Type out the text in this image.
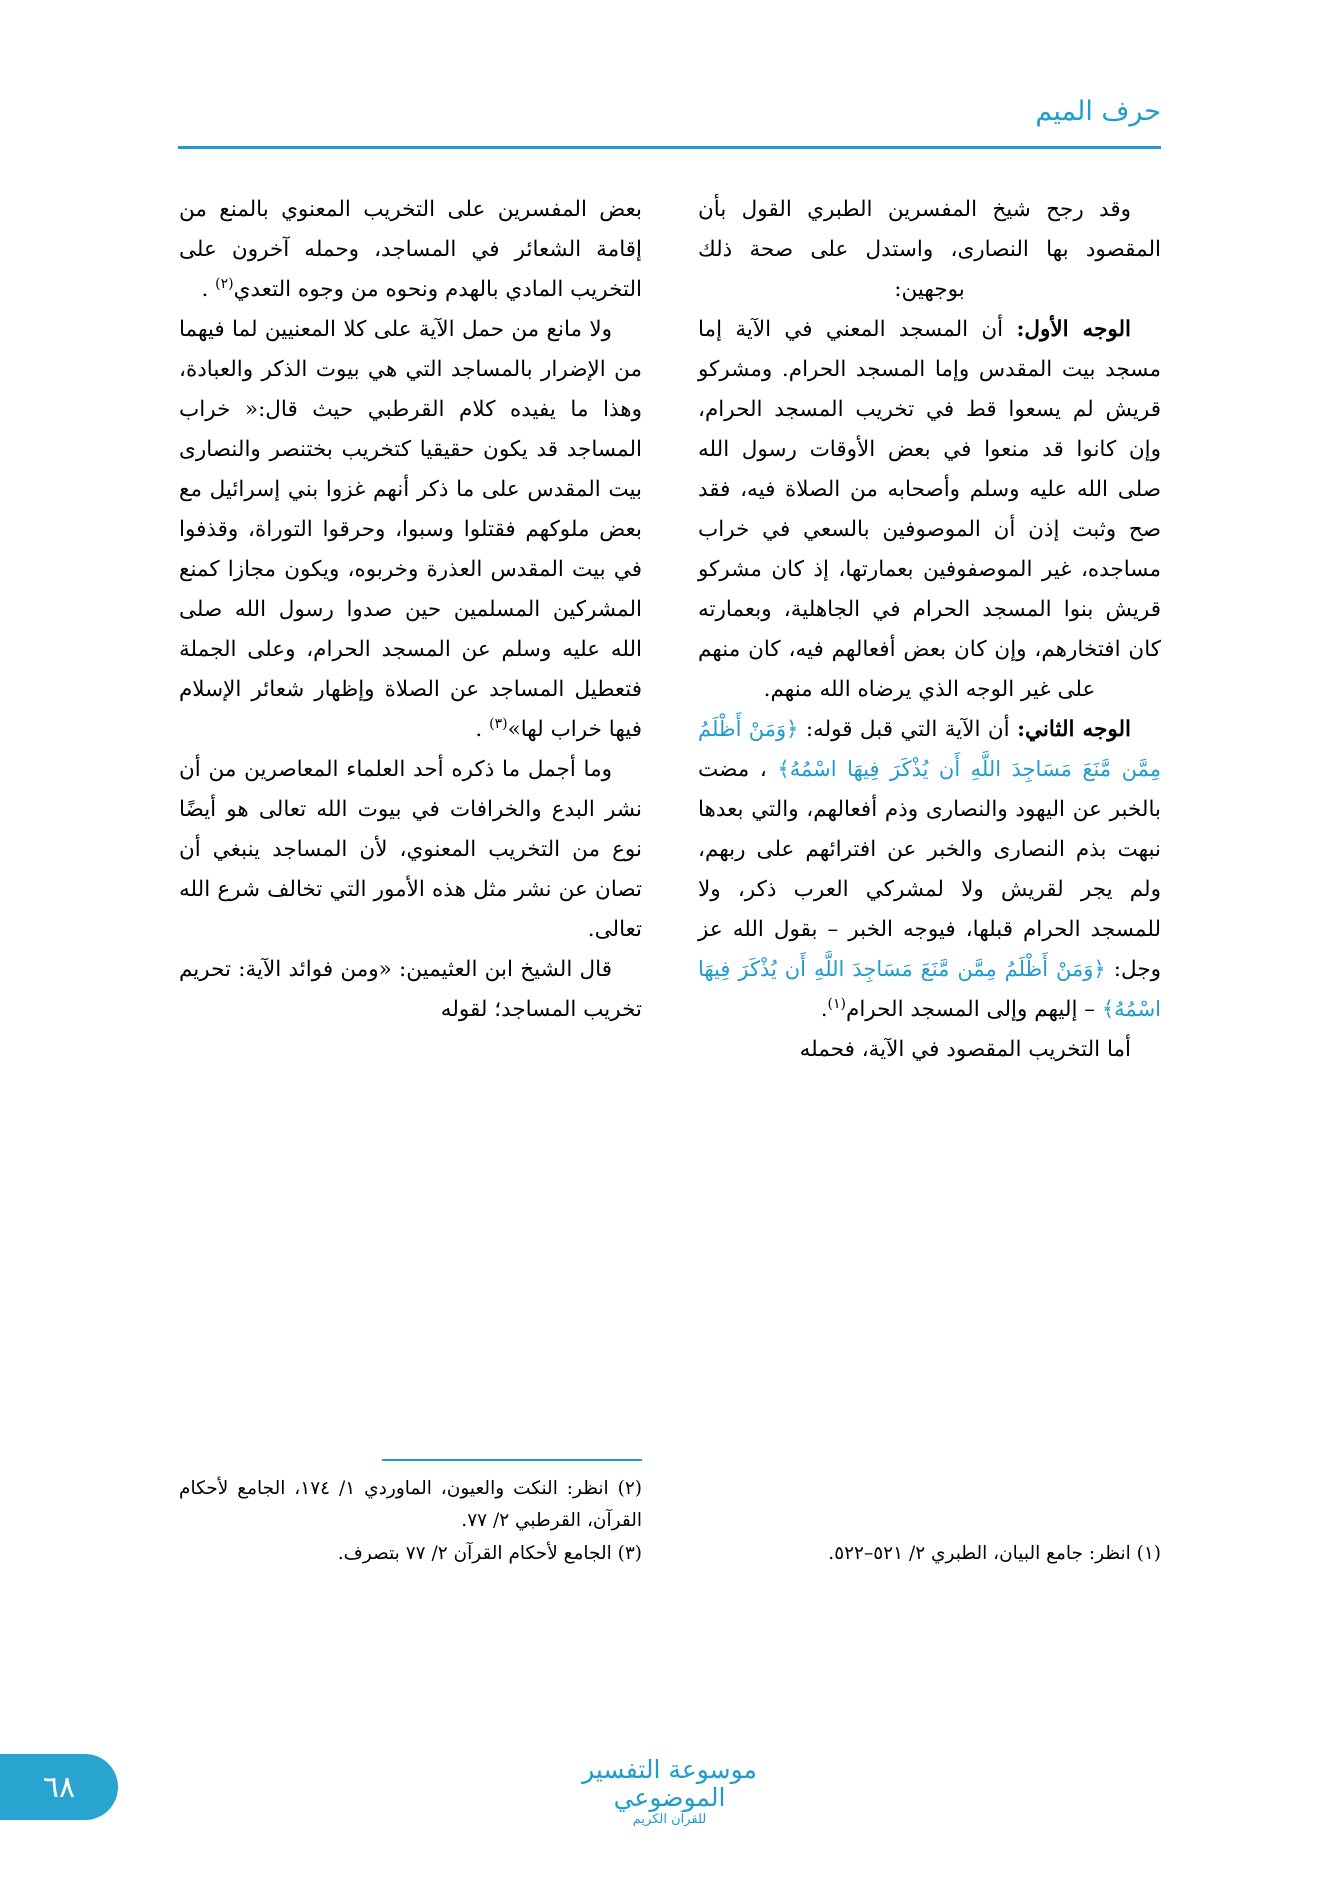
حرف الميم

وقد رجح شيخ المفسرين الطبري القول بأن المقصود بها النصارى، واستدل على صحة ذلك بوجهين:

الوجه الأول: أن المسجد المعني في الآية إما مسجد بيت المقدس وإما المسجد الحرام. ومشركو قريش لم يسعوا قط في تخريب المسجد الحرام، وإن كانوا قد منعوا في بعض الأوقات رسول الله صلى الله عليه وسلم وأصحابه من الصلاة فيه، فقد صح وثبت إذن أن الموصوفين بالسعي في خراب مساجده، غير الموصفوفين بعمارتها، إذ كان مشركو قريش بنوا المسجد الحرام في الجاهلية، وبعمارته كان افتخارهم، وإن كان بعض أفعالهم فيه، كان منهم على غير الوجه الذي يرضاه الله منهم.

الوجه الثاني: أن الآية التي قبل قوله: ﴿وَمَنْ أَظْلَمُ مِمَّن مَّنَعَ مَسَاجِدَ اللَّهِ أَن يُذْكَرَ فِيهَا اسْمُهُ﴾ ، مضت بالخبر عن اليهود والنصارى وذم أفعالهم، والتي بعدها نبهت بذم النصارى والخبر عن افترائهم على ربهم، ولم يجر لقريش ولا لمشركي العرب ذكر، ولا للمسجد الحرام قبلها، فيوجه الخبر – بقول الله عز وجل: ﴿وَمَنْ أَظْلَمُ مِمَّن مَّنَعَ مَسَاجِدَ اللَّهِ أَن يُذْكَرَ فِيهَا اسْمُهُ﴾ – إليهم وإلى المسجد الحرام$^{(١)}$.

أما التخريب المقصود في الآية، فحمله

(١) انظر: جامع البيان، الطبري ٢/ ٥٢١–٥٢٢.

بعض المفسرين على التخريب المعنوي بالمنع من إقامة الشعائر في المساجد، وحمله آخرون على التخريب المادي بالهدم ونحوه من وجوه التعدي$^{(٢)}$ .

ولا مانع من حمل الآية على كلا المعنيين لما فيهما من الإضرار بالمساجد التي هي بيوت الذكر والعبادة، وهذا ما يفيده كلام القرطبي حيث قال:« خراب المساجد قد يكون حقيقيا كتخريب بختنصر والنصارى بيت المقدس على ما ذكر أنهم غزوا بني إسرائيل مع بعض ملوكهم فقتلوا وسبوا، وحرقوا التوراة، وقذفوا في بيت المقدس العذرة وخربوه، ويكون مجازا كمنع المشركين المسلمين حين صدوا رسول الله صلى الله عليه وسلم عن المسجد الحرام، وعلى الجملة فتعطيل المساجد عن الصلاة وإظهار شعائر الإسلام فيها خراب لها»$^{(٣)}$ .

وما أجمل ما ذكره أحد العلماء المعاصرين من أن نشر البدع والخرافات في بيوت الله تعالى هو أيضًا نوع من التخريب المعنوي، لأن المساجد ينبغي أن تصان عن نشر مثل هذه الأمور التي تخالف شرع الله تعالى.

قال الشيخ ابن العثيمين: «ومن فوائد الآية: تحريم تخريب المساجد؛ لقوله

(٢) انظر: النكت والعيون، الماوردي ١/ ١٧٤، الجامع لأحكام القرآن، القرطبي ٢/ ٧٧.
(٣) الجامع لأحكام القرآن ٢/ ٧٧ بتصرف.
موسوعة التفسير الموضوعي
للقرآن الكريم
٦٨
